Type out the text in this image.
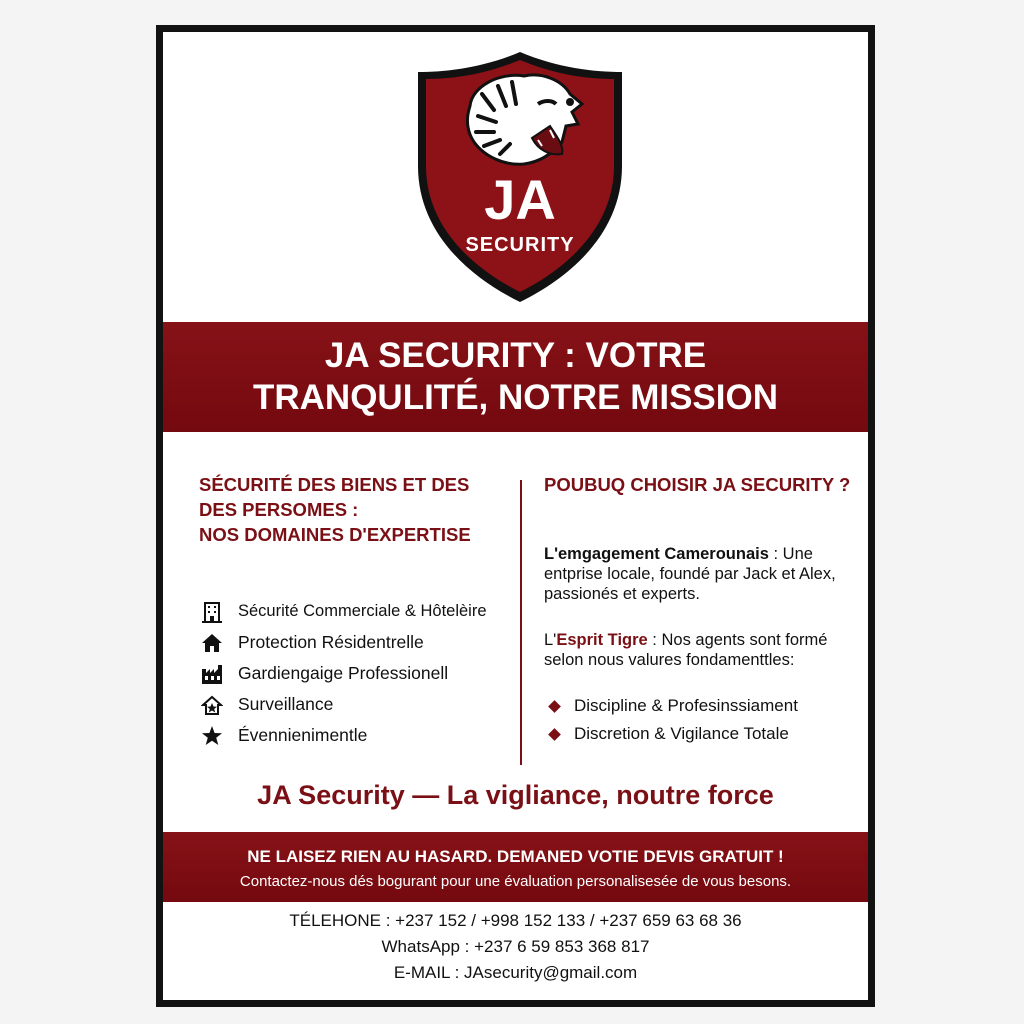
JA
SECURITY
JA SECURITY : VOTRE
TRANQULITÉ, NOTRE MISSION
SÉCURITÉ DES BIENS ET DES
DES PERSOMES :
NOS DOMAINES D'EXPERTISE
Sécurité Commerciale & Hôtelèire
Protection Résidentrelle
Gardiengaige Professionell
Surveillance
Évennienimentle
POUBUQ CHOISIR JA SECURITY ?
L'emgagement Camerounais : Une entprise locale, foundé par Jack et Alex, passionés et experts.
L'Esprit Tigre : Nos agents sont formé selon nous valures fondamenttles:
Discipline & Profesinssiament
Discretion & Vigilance Totale
JA Security — La vigliance, noutre force
NE LAISEZ RIEN AU HASARD. DEMANED VOTIE DEVIS GRATUIT !
Contactez-nous dés bogurant pour une évaluation personalisesée de vous besons.
TÉLEHONE : +237 152 / +998 152 133 / +237 659 63 68 36
WhatsApp : +237 6 59 853 368 817
E-MAIL : JAsecurity@gmail.com
